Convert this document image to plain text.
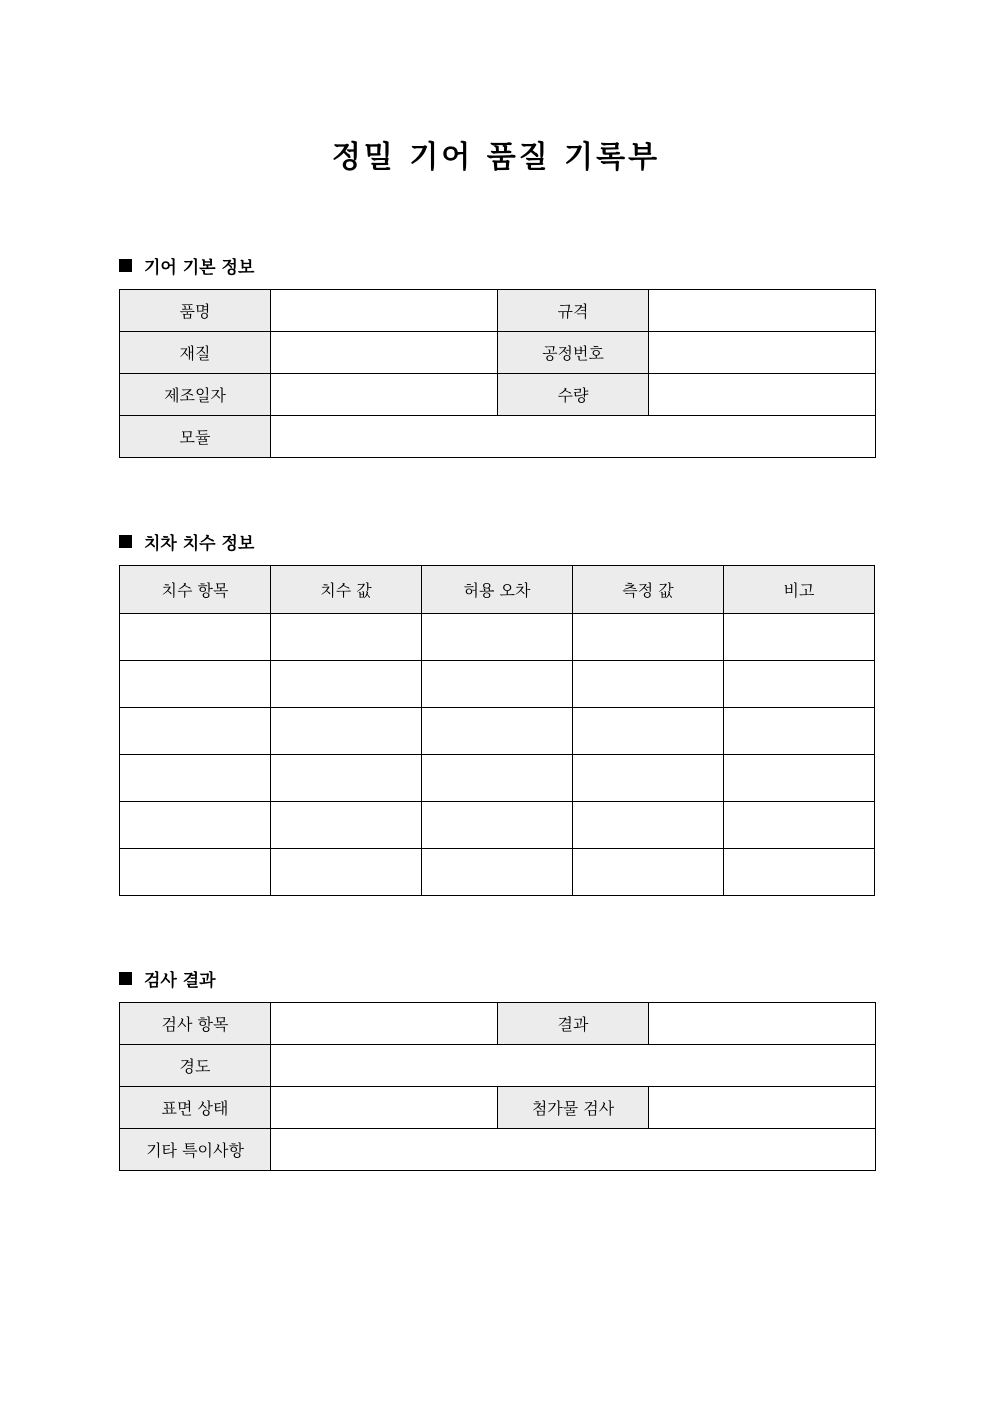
정밀 기어 품질 기록부
기어 기본 정보
품명		규격	
재질		공정번호	
제조일자		수량	
모듈			
치차 치수 정보
치수 항목	치수 값	허용 오차	측정 값	비고

검사 결과
검사 항목		결과	
경도			
표면 상태		첨가물 검사	
기타 특이사항			
